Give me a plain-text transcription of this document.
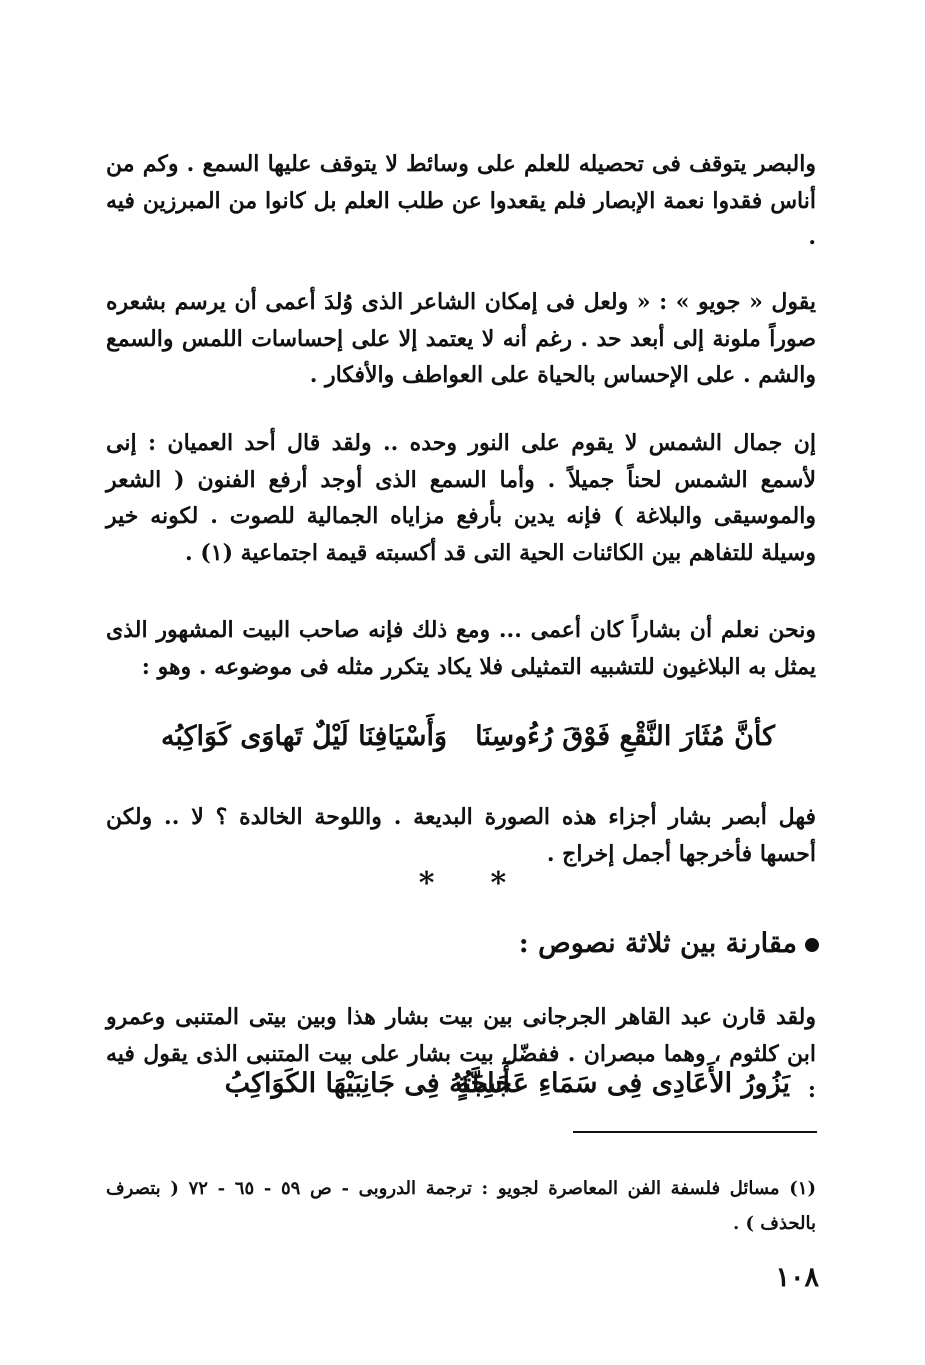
والبصر يتوقف فى تحصيله للعلم على وسائط لا يتوقف عليها السمع . وكم من أناس فقدوا نعمة الإبصار فلم يقعدوا عن طلب العلم بل كانوا من المبرزين فيه .

يقول « جويو » : « ولعل فى إمكان الشاعر الذى وُلدَ أعمى أن يرسم بشعره صوراً ملونة إلى أبعد حد . رغم أنه لا يعتمد إلا على إحساسات اللمس والسمع والشم . على الإحساس بالحياة على العواطف والأفكار .

إن جمال الشمس لا يقوم على النور وحده .. ولقد قال أحد العميان : إنى لأسمع الشمس لحناً جميلاً . وأما السمع الذى أوجد أرفع الفنون ( الشعر والموسيقى والبلاغة ) فإنه يدين بأرفع مزاياه الجمالية للصوت . لكونه خير وسيلة للتفاهم بين الكائنات الحية التى قد أكسبته قيمة اجتماعية (١) .

ونحن نعلم أن بشاراً كان أعمى ... ومع ذلك فإنه صاحب البيت المشهور الذى يمثل به البلاغيون للتشبيه التمثيلى فلا يكاد يتكرر مثله فى موضوعه . وهو :

كأنَّ مُثَارَ النَّقْعِ فَوْقَ رُءُوسِنَا
وَأَسْيَافِنَا لَيْلٌ تَهاوَى كَوَاكِبُه

فهل أبصر بشار أجزاء هذه الصورة البديعة . واللوحة الخالدة ؟ لا .. ولكن أحسها فأخرجها أجمل إخراج .

* *
مقارنة بين ثلاثة نصوص :

ولقد قارن عبد القاهر الجرجانى بين بيت بشار هذا وبين بيتى المتنبى وعمرو ابن كلثوم ، وهما مبصران . ففضّل بيت بشار على بيت المتنبى الذى يقول فيه :

يَزُورُ الأَعَادِى فِى سَمَاءِ عَجَاجَةٍ
أَسِنَّتُهُ فِى جَانِبَيْهَا الكَوَاكِبُ

(١) مسائل فلسفة الفن المعاصرة لجويو : ترجمة الدروبى - ص ٥٩ - ٦٥ - ٧٢ ( بتصرف بالحذف ) .

١٠٨
